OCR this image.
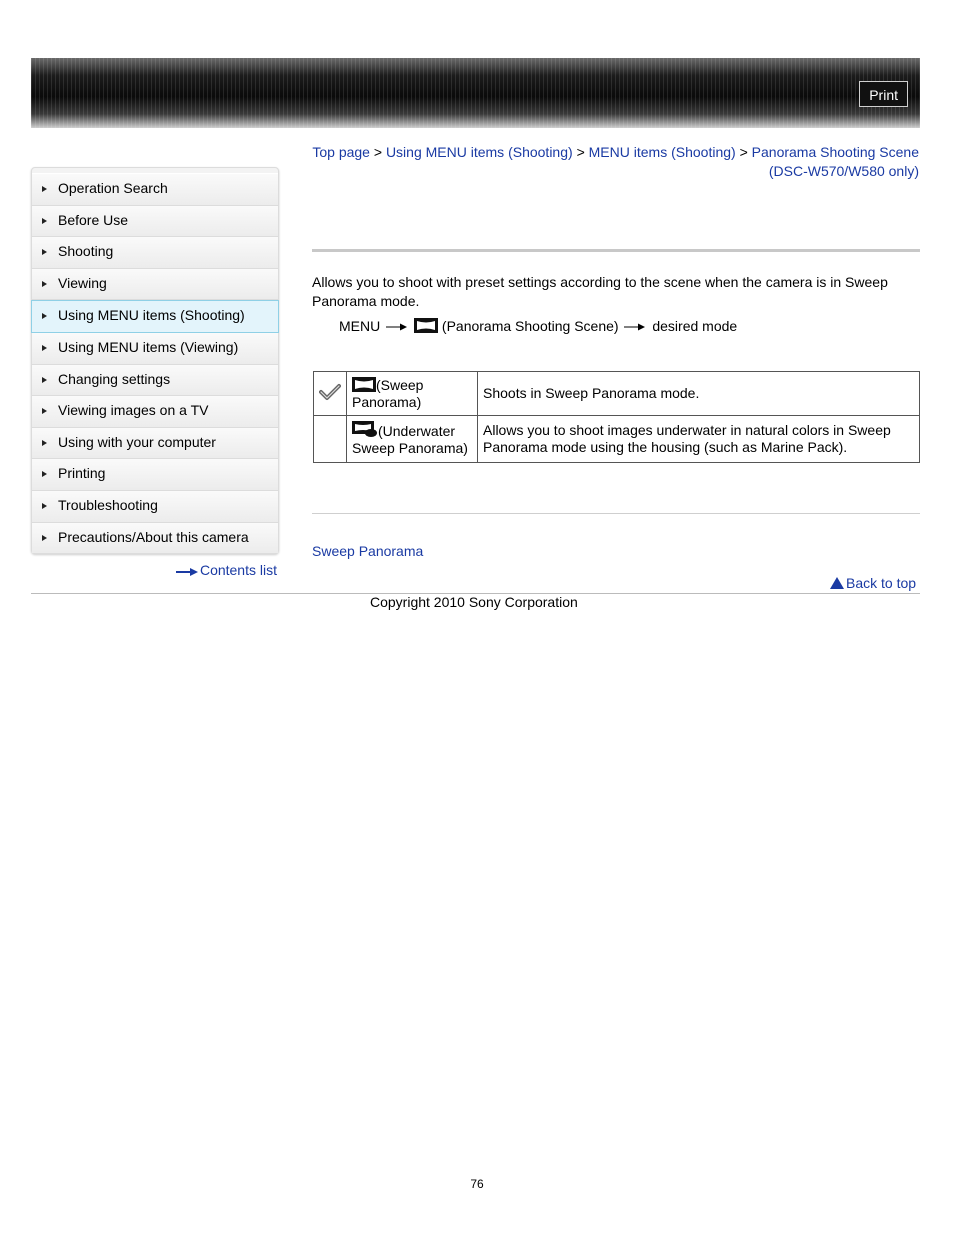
Print
Top page > Using MENU items (Shooting) > MENU items (Shooting) > Panorama Shooting Scene (DSC-W570/W580 only)
Operation Search
Before Use
Shooting
Viewing
Using MENU items (Shooting)
Using MENU items (Viewing)
Changing settings
Viewing images on a TV
Using with your computer
Printing
Troubleshooting
Precautions/About this camera
Contents list
Allows you to shoot with preset settings according to the scene when the camera is in Sweep Panorama mode.
MENU	(Panorama Shooting Scene) desired mode
	(Sweep Panorama)	Shoots in Sweep Panorama mode.
	(Underwater Sweep Panorama)	Allows you to shoot images underwater in natural colors in Sweep Panorama mode using the housing (such as Marine Pack).
Sweep Panorama
Back to top
Copyright 2010 Sony Corporation
76
